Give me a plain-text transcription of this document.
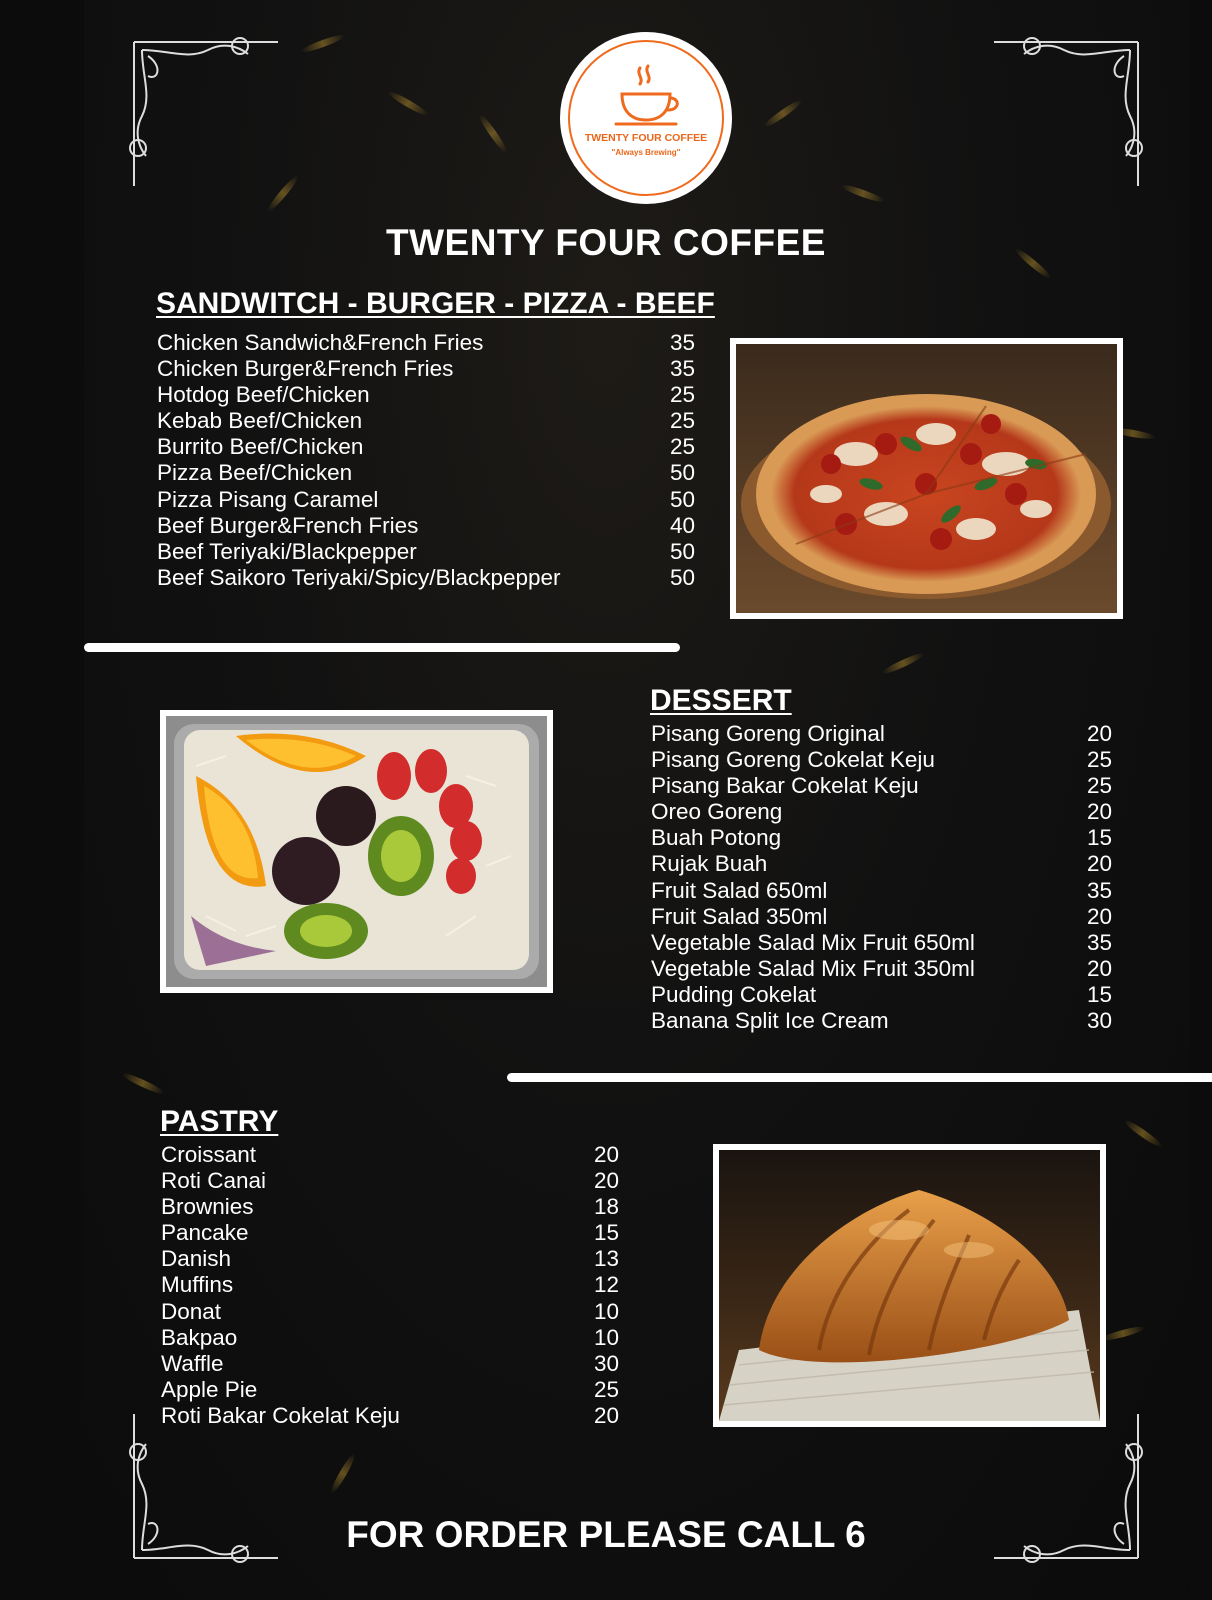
TWENTY FOUR COFFEE
"Always Brewing"
TWENTY FOUR COFFEE
SANDWITCH - BURGER - PIZZA - BEEF
Chicken Sandwich&French Fries	35
Chicken Burger&French Fries	35
Hotdog Beef/Chicken	25
Kebab Beef/Chicken	25
Burrito Beef/Chicken	25
Pizza Beef/Chicken	50
Pizza Pisang Caramel	50
Beef Burger&French Fries	40
Beef Teriyaki/Blackpepper	50
Beef Saikoro Teriyaki/Spicy/Blackpepper	50
DESSERT
Pisang Goreng Original	20
Pisang Goreng Cokelat Keju	25
Pisang Bakar Cokelat Keju	25
Oreo Goreng	20
Buah Potong	15
Rujak Buah	20
Fruit Salad 650ml	35
Fruit Salad 350ml	20
Vegetable Salad Mix Fruit 650ml	35
Vegetable Salad Mix Fruit 350ml	20
Pudding Cokelat	15
Banana Split Ice Cream	30
PASTRY
Croissant	20
Roti Canai	20
Brownies	18
Pancake	15
Danish	13
Muffins	12
Donat	10
Bakpao	10
Waffle	30
Apple Pie	25
Roti Bakar Cokelat Keju	20
FOR ORDER PLEASE CALL 6
